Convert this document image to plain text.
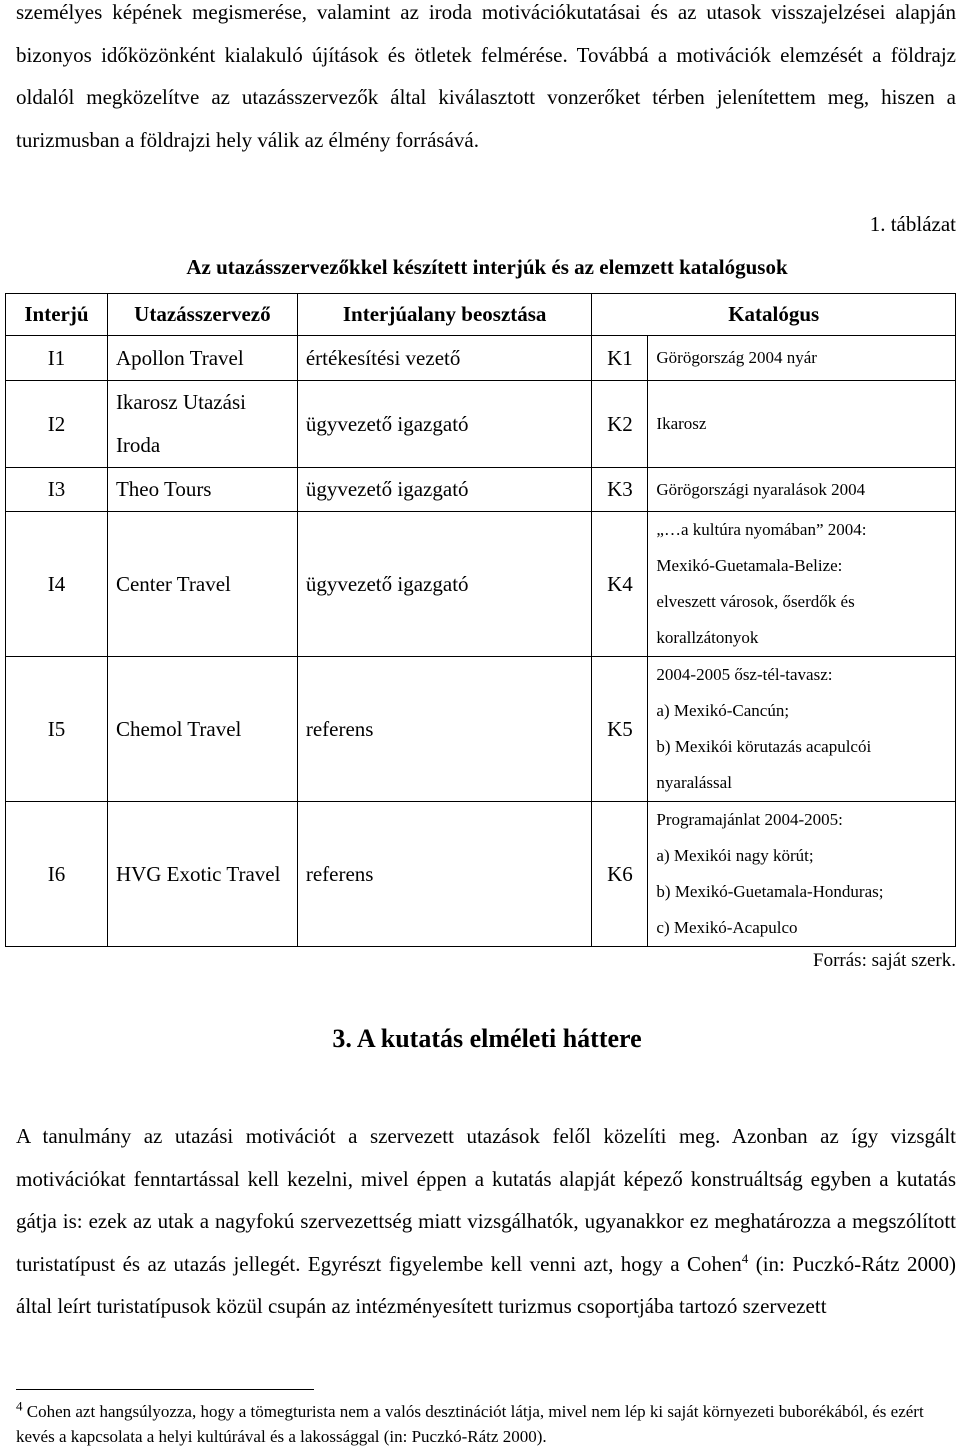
személyes képének megismerése, valamint az iroda motivációkutatásai és az utasok visszajelzései alapján bizonyos időközönként kialakuló újítások és ötletek felmérése. Továbbá a motivációk elemzését a földrajz oldalól megközelítve az utazásszervezők által kiválasztott vonzerőket térben jelenítettem meg, hiszen a turizmusban a földrajzi hely válik az élmény forrásává.

1. táblázat
Az utazásszervezőkkel készített interjúk és az elemzett katalógusok
Interjú	Utazásszervező	Interjúalany beosztása	Katalógus	
I1	Apollon Travel	értékesítési vezető	K1	Görögország 2004 nyár
I2	Ikarosz Utazási Iroda	ügyvezető igazgató	K2	Ikarosz
I3	Theo Tours	ügyvezető igazgató	K3	Görögországi nyaralások 2004
I4	Center Travel	ügyvezető igazgató	K4	„…a kultúra nyomában” 2004:
Mexikó-Guetamala-Belize:
elveszett városok, őserdők és
korallzátonyok

I5	Chemol Travel	referens	K5	2004-2005 ősz-tél-tavasz:
a) Mexikó-Cancún;
b) Mexikói körutazás acapulcói
nyaralással

I6	HVG Exotic Travel	referens	K6	Programajánlat 2004-2005:
a) Mexikói nagy körút;
b) Mexikó-Guetamala-Honduras;
c) Mexikó-Acapulco
Forrás: saját szerk.
3. A kutatás elméleti háttere

A tanulmány az utazási motivációt a szervezett utazások felől közelíti meg. Azonban az így vizsgált motivációkat fenntartással kell kezelni, mivel éppen a kutatás alapját képező konstruáltság egyben a kutatás gátja is: ezek az utak a nagyfokú szervezettség miatt vizsgálhatók, ugyanakkor ez meghatározza a megszólított turistatípust és az utazás jellegét. Egyrészt figyelembe kell venni azt, hogy a Cohen$^4$ (in: Puczkó-Rátz 2000) által leírt turistatípusok közül csupán az intézményesített turizmus csoportjába tartozó szervezett

$^4$ Cohen azt hangsúlyozza, hogy a tömegturista nem a valós desztinációt látja, mivel nem lép ki saját környezeti buborékából, és ezért kevés a kapcsolata a helyi kultúrával és a lakossággal (in: Puczkó-Rátz 2000).
